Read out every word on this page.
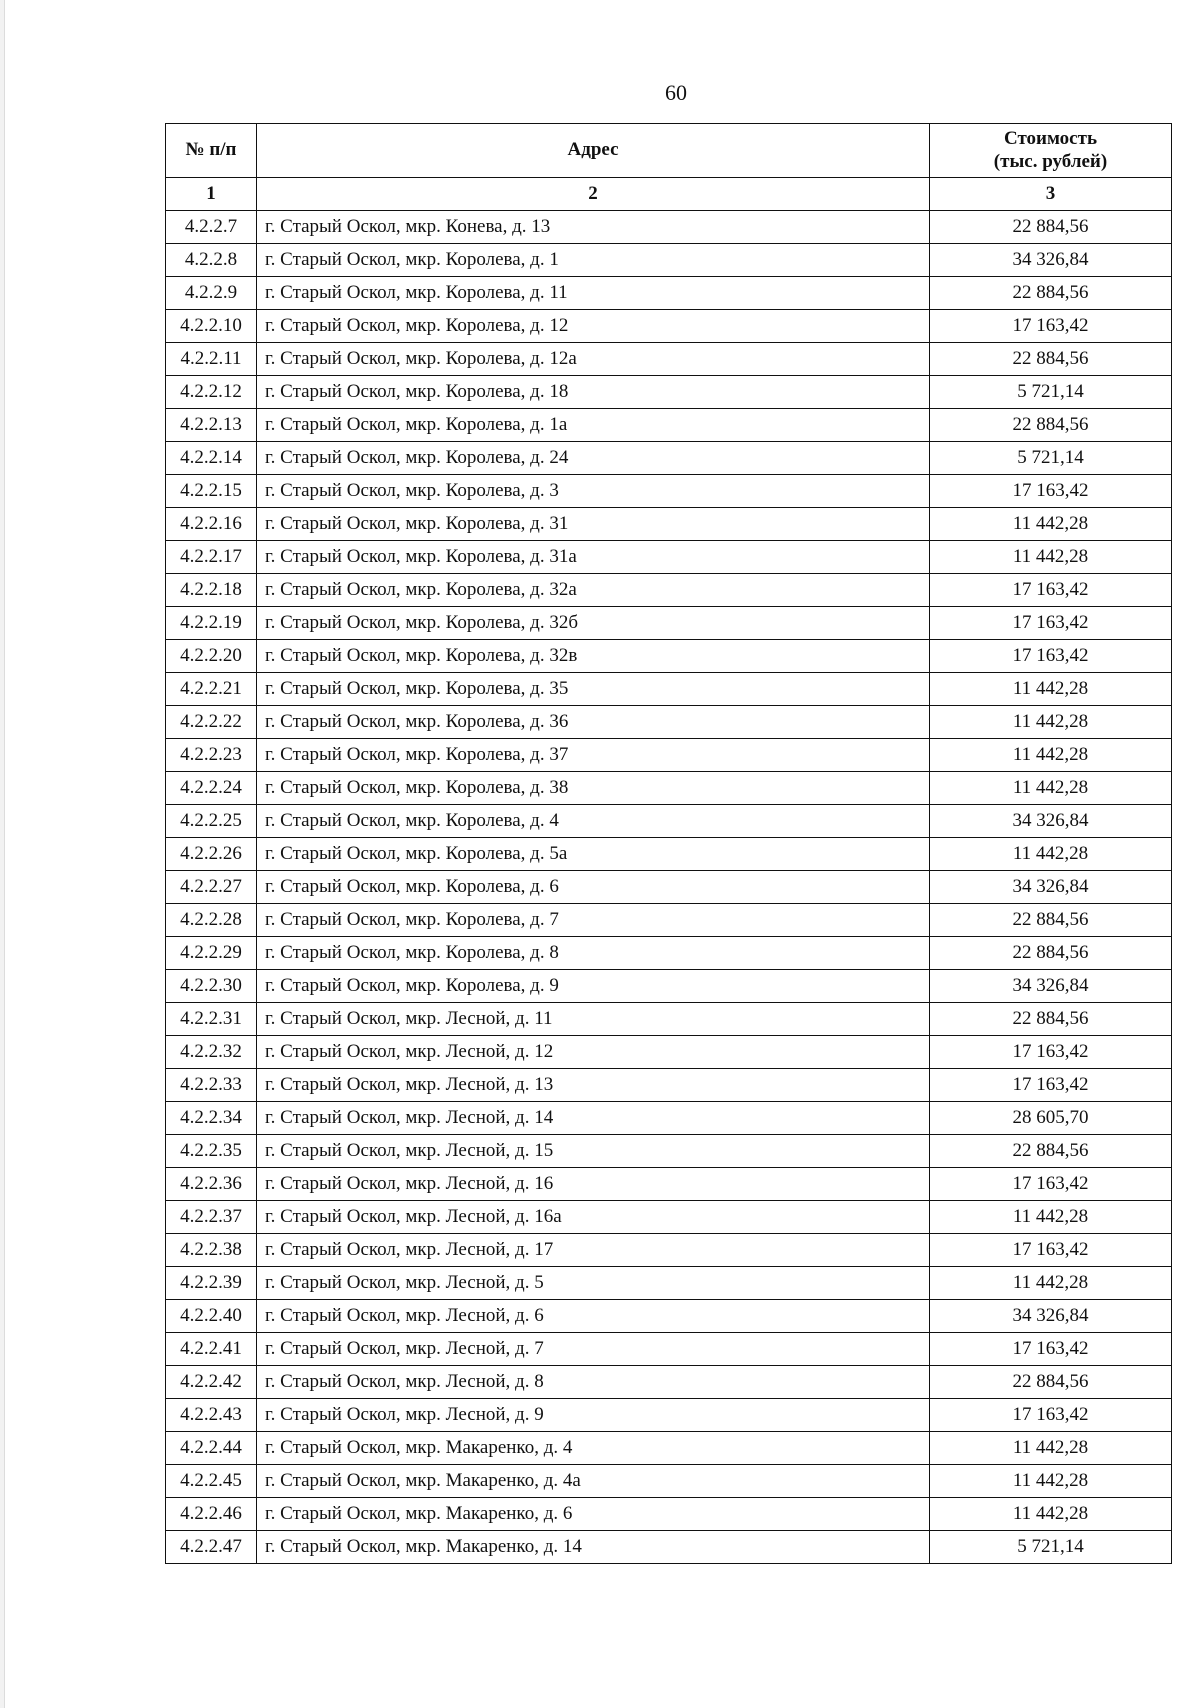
60
№ п/п	Адрес	Стоимость
(тыс. рублей)

1	2	3
4.2.2.7	г. Старый Оскол, мкр. Конева, д. 13	22 884,56
4.2.2.8	г. Старый Оскол, мкр. Королева, д. 1	34 326,84
4.2.2.9	г. Старый Оскол, мкр. Королева, д. 11	22 884,56
4.2.2.10	г. Старый Оскол, мкр. Королева, д. 12	17 163,42
4.2.2.11	г. Старый Оскол, мкр. Королева, д. 12а	22 884,56
4.2.2.12	г. Старый Оскол, мкр. Королева, д. 18	5 721,14
4.2.2.13	г. Старый Оскол, мкр. Королева, д. 1а	22 884,56
4.2.2.14	г. Старый Оскол, мкр. Королева, д. 24	5 721,14
4.2.2.15	г. Старый Оскол, мкр. Королева, д. 3	17 163,42
4.2.2.16	г. Старый Оскол, мкр. Королева, д. 31	11 442,28
4.2.2.17	г. Старый Оскол, мкр. Королева, д. 31а	11 442,28
4.2.2.18	г. Старый Оскол, мкр. Королева, д. 32а	17 163,42
4.2.2.19	г. Старый Оскол, мкр. Королева, д. 32б	17 163,42
4.2.2.20	г. Старый Оскол, мкр. Королева, д. 32в	17 163,42
4.2.2.21	г. Старый Оскол, мкр. Королева, д. 35	11 442,28
4.2.2.22	г. Старый Оскол, мкр. Королева, д. 36	11 442,28
4.2.2.23	г. Старый Оскол, мкр. Королева, д. 37	11 442,28
4.2.2.24	г. Старый Оскол, мкр. Королева, д. 38	11 442,28
4.2.2.25	г. Старый Оскол, мкр. Королева, д. 4	34 326,84
4.2.2.26	г. Старый Оскол, мкр. Королева, д. 5а	11 442,28
4.2.2.27	г. Старый Оскол, мкр. Королева, д. 6	34 326,84
4.2.2.28	г. Старый Оскол, мкр. Королева, д. 7	22 884,56
4.2.2.29	г. Старый Оскол, мкр. Королева, д. 8	22 884,56
4.2.2.30	г. Старый Оскол, мкр. Королева, д. 9	34 326,84
4.2.2.31	г. Старый Оскол, мкр. Лесной, д. 11	22 884,56
4.2.2.32	г. Старый Оскол, мкр. Лесной, д. 12	17 163,42
4.2.2.33	г. Старый Оскол, мкр. Лесной, д. 13	17 163,42
4.2.2.34	г. Старый Оскол, мкр. Лесной, д. 14	28 605,70
4.2.2.35	г. Старый Оскол, мкр. Лесной, д. 15	22 884,56
4.2.2.36	г. Старый Оскол, мкр. Лесной, д. 16	17 163,42
4.2.2.37	г. Старый Оскол, мкр. Лесной, д. 16а	11 442,28
4.2.2.38	г. Старый Оскол, мкр. Лесной, д. 17	17 163,42
4.2.2.39	г. Старый Оскол, мкр. Лесной, д. 5	11 442,28
4.2.2.40	г. Старый Оскол, мкр. Лесной, д. 6	34 326,84
4.2.2.41	г. Старый Оскол, мкр. Лесной, д. 7	17 163,42
4.2.2.42	г. Старый Оскол, мкр. Лесной, д. 8	22 884,56
4.2.2.43	г. Старый Оскол, мкр. Лесной, д. 9	17 163,42
4.2.2.44	г. Старый Оскол, мкр. Макаренко, д. 4	11 442,28
4.2.2.45	г. Старый Оскол, мкр. Макаренко, д. 4а	11 442,28
4.2.2.46	г. Старый Оскол, мкр. Макаренко, д. 6	11 442,28
4.2.2.47	г. Старый Оскол, мкр. Макаренко, д. 14	5 721,14
